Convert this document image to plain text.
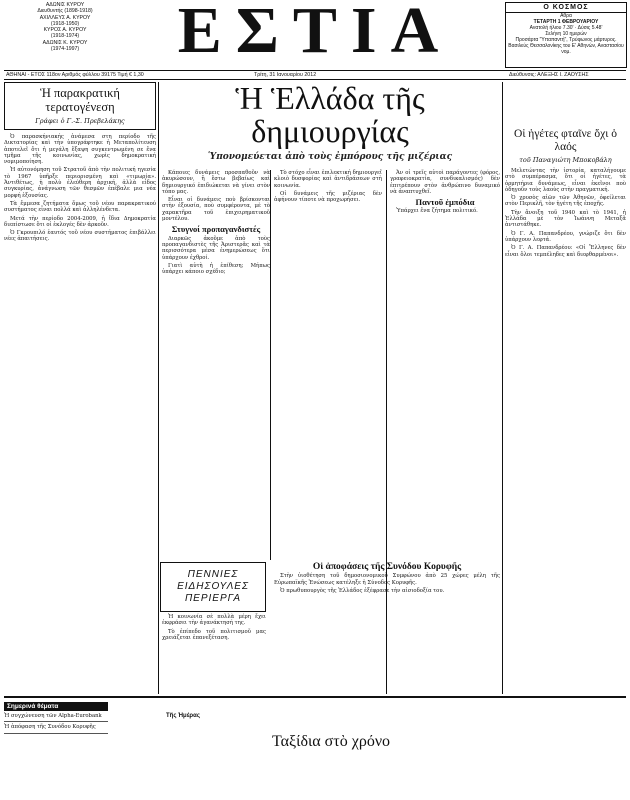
ΑΔΩΝΙΣ ΚΥΡΟΥ
Διευθυντής (1898-1918)
ΑΧΙΛΛΕΥΣ Α. ΚΥΡΟΥ
(1918-1950)
ΚΥΡΟΣ Α. ΚΥΡΟΥ
(1918-1974)
ΑΔΩΝΙΣ Κ. ΚΥΡΟΥ
(1974-1997)	ΕΣΤΙΑ	Ο ΚΟΣΜΟΣ
Αθρα
ΤΕΤΑΡΤΗ 1 ΦΕΒΡΟΥΑΡΙΟΥ
Ανατολή ήλιου 7.30' · Δύσις 5.48'
Σελήνη 10 ημερών
Προσάρτα "Υπαπαντή", Τρύφωνος μάρτυρος.
Βασιλεύς Θεσσαλονίκης του Ε' Αθηνών, Αναστασίου νομ.
ΑΘΗΝΑΙ - ΕΤΟΣ 118ον Αριθμός φύλλου 39175 Τιμή € 1,30	Τρίτη, 31 Ιανουαρίου 2012	Διεύθυνσις: ΑΛΕΞΗΣ Ι. ΖΑΟΥΣΗΣ
Ἡ παρακρατική τερατογένεση
Γράφει ὁ Γ.-Σ. Πρεβελάκης

Ὁ παρασκήνιακής ἀνάμεσα στη περίοδο τῆς Δικτατορίας καὶ τὴν ὑπογράφτηκε ἡ Μεταπολίτευση ἀποτελεῖ ὅτι ἡ μεγάλη ἔξαψη συγκεντρωμένη σε ἕνα τμῆμα τῆς κοινωνίας, χωρὶς δημοκρατική νομιμοποίηση.

Ἡ αὐτονόμηση τοῦ Στρατοῦ ἀπὸ τὴν πολιτική ηγεσία τὸ 1967 ὑπῆρξε περιορισμένη καὶ «τιμωρία». Ἀντιθέτως, ἡ πολὺ ἐλεύθερη ἀρχική, ἀλλὰ εἶδος συγκυρίας, ἀνάγνωση τῶν θεσμῶν ἐπέβαλε μια νέα μορφή ἐξουσίας.

Τὰ ἔμμεσα ζητήματα ὅμως τοῦ νέου παρακρατικού συστήματος εἶναι πολλά καὶ ἀλληλένδετα.

Μετά τὴν περίοδο 2004-2009, ἡ ἴδια Δημοκρατία διεπίστωσε ὅτι οἱ ἐκλογές δὲν ἀρκοῦν.

Ὁ Γκρουπιλό ἑαυτός τοῦ νέου συστήματος ἐπιβάλλει νέες ἀπαιτήσεις.

Ἡ Ἑλλάδα τῆς δημιουργίας
Ὑπονομεύεται ἀπὸ τοὺς ἐμπόρους τῆς μιζέριας

Κάποιες δυνάμεις προσπαθοῦν νὰ ἀκυρώσουν, ἢ ἔστω βεβαίως καὶ δημιουργικό ἐπιδιώκεται νὰ γίνει στὸν τόπο μας.

Εἶναι οἱ δυνάμεις ποὺ βρίσκονται στὴν ἐξουσία, ποὺ συμφέροντα, μὲ τὸ χαρακτῆρα τοῦ ἐπιχειρηματικοῦ μοντέλου.

Στυγνοί προπαγανδιστές

Διαρκῶς ἀκοῦμε ἀπὸ τοὺς προπαγανδιστὲς τῆς Ἀριστερᾶς καὶ τὰ περισσότερα μέσα ἐνημερώσεως ὅτι ὑπάρχουν ἐχθροί.

Γιατὶ αὐτὴ ἡ ἐπίθεση; Μήπως ὑπάρχει κάποιο σχέδιο;

Τὸ στόχο εἶναι ἐπιλεκτική δημιουργεῖ κλοιὸ δυσφορίας καὶ ἀντιδράσεων στὴ κοινωνία.

Οἱ δυνάμεις τῆς μιζέριας δὲν ἀφήνουν τίποτε νὰ προχωρήσει.

Ἀν οἱ τρεῖς αὐτοὶ παράγοντες (φόρος, γραφειοκρατία, συνδικαλισμός) δὲν ἐπιτρέπουν στὸν ἀνθρώπινο δυναμικό νὰ ἀναπτυχθεῖ.

Παντοῦ ἐμπόδια

Ὑπάρχει ἕνα ζήτημα πολιτικό.

Οἱ ἀποφάσεις τῆς Συνόδου Κορυφῆς

Στὴν ὑιοθέτηση τοῦ δημοσιονομικοῦ Συμφώνου ἀπὸ 25 χώρες μέλη τῆς Εὐρωπαϊκῆς Ἑνώσεως κατέληξε ἡ Σύνοδος Κορυφῆς.

Ὁ πρωθυπουργὸς τῆς Ἑλλάδος ἐξέφρασε τὴν αἰσιοδοξία του.

ΠΕΝΝΙΕΣ ΕΙΔΗΣΟΥΛΕΣ ΠΕΡΙΕΡΓΑ

Ἡ κοινωνία σὲ πολλὰ μέρη ἔχει ἐκφράσει τὴν ἀγανάκτησή της.

Τὸ ἐπίπεδο τοῦ πολιτισμοῦ μας χρειάζεται ἐπανεξέταση.

Οἱ ἡγέτες φταῖνε ὄχι ὁ λαός
τοῦ Παναγιώτη Μποκοβάλη

Μελετώντας τὴν ἱστορία, καταλήγουμε στὸ συμπέρασμα, ὅτι οἱ ἡγέτες, τὰ ὁρμητήρια δυνάμεως, εἶναι ἐκεῖνοι ποὺ ὁδηγοῦν τοὺς λαοὺς στὴν πραγματική.

Ὁ χρυσὸς αἰῶν τῶν Ἀθηνῶν, ὀφείλεται στὸν Περικλῆ, τὸν ἡγέτη τῆς ἐποχῆς.

Τὴν ἄνοιξη τοῦ 1940 καὶ τὸ 1941, ἡ Ἑλλάδα μὲ τὸν Ἰωάννη Μεταξᾶ ἀντιστάθηκε.

Ὁ Γ. Α. Παπανδρέου, γνώριζε ὅτι δὲν ὑπάρχουν λεφτά.

Ὁ Γ. Α. Παπανδρέου: «Οἱ Ἕλληνες δὲν εἶναι ὅλοι τεμπέληδες καὶ διεφθαρμένοι».

Σημερινά θέματα
Ἡ συγχώνευση τῶν Alpha-Eurobank
Ἡ ἀπόφαση τῆς Συνόδου Κορυφῆς
Τῆς Ἡμέρας
Ταξίδια στὸ χρόνο
